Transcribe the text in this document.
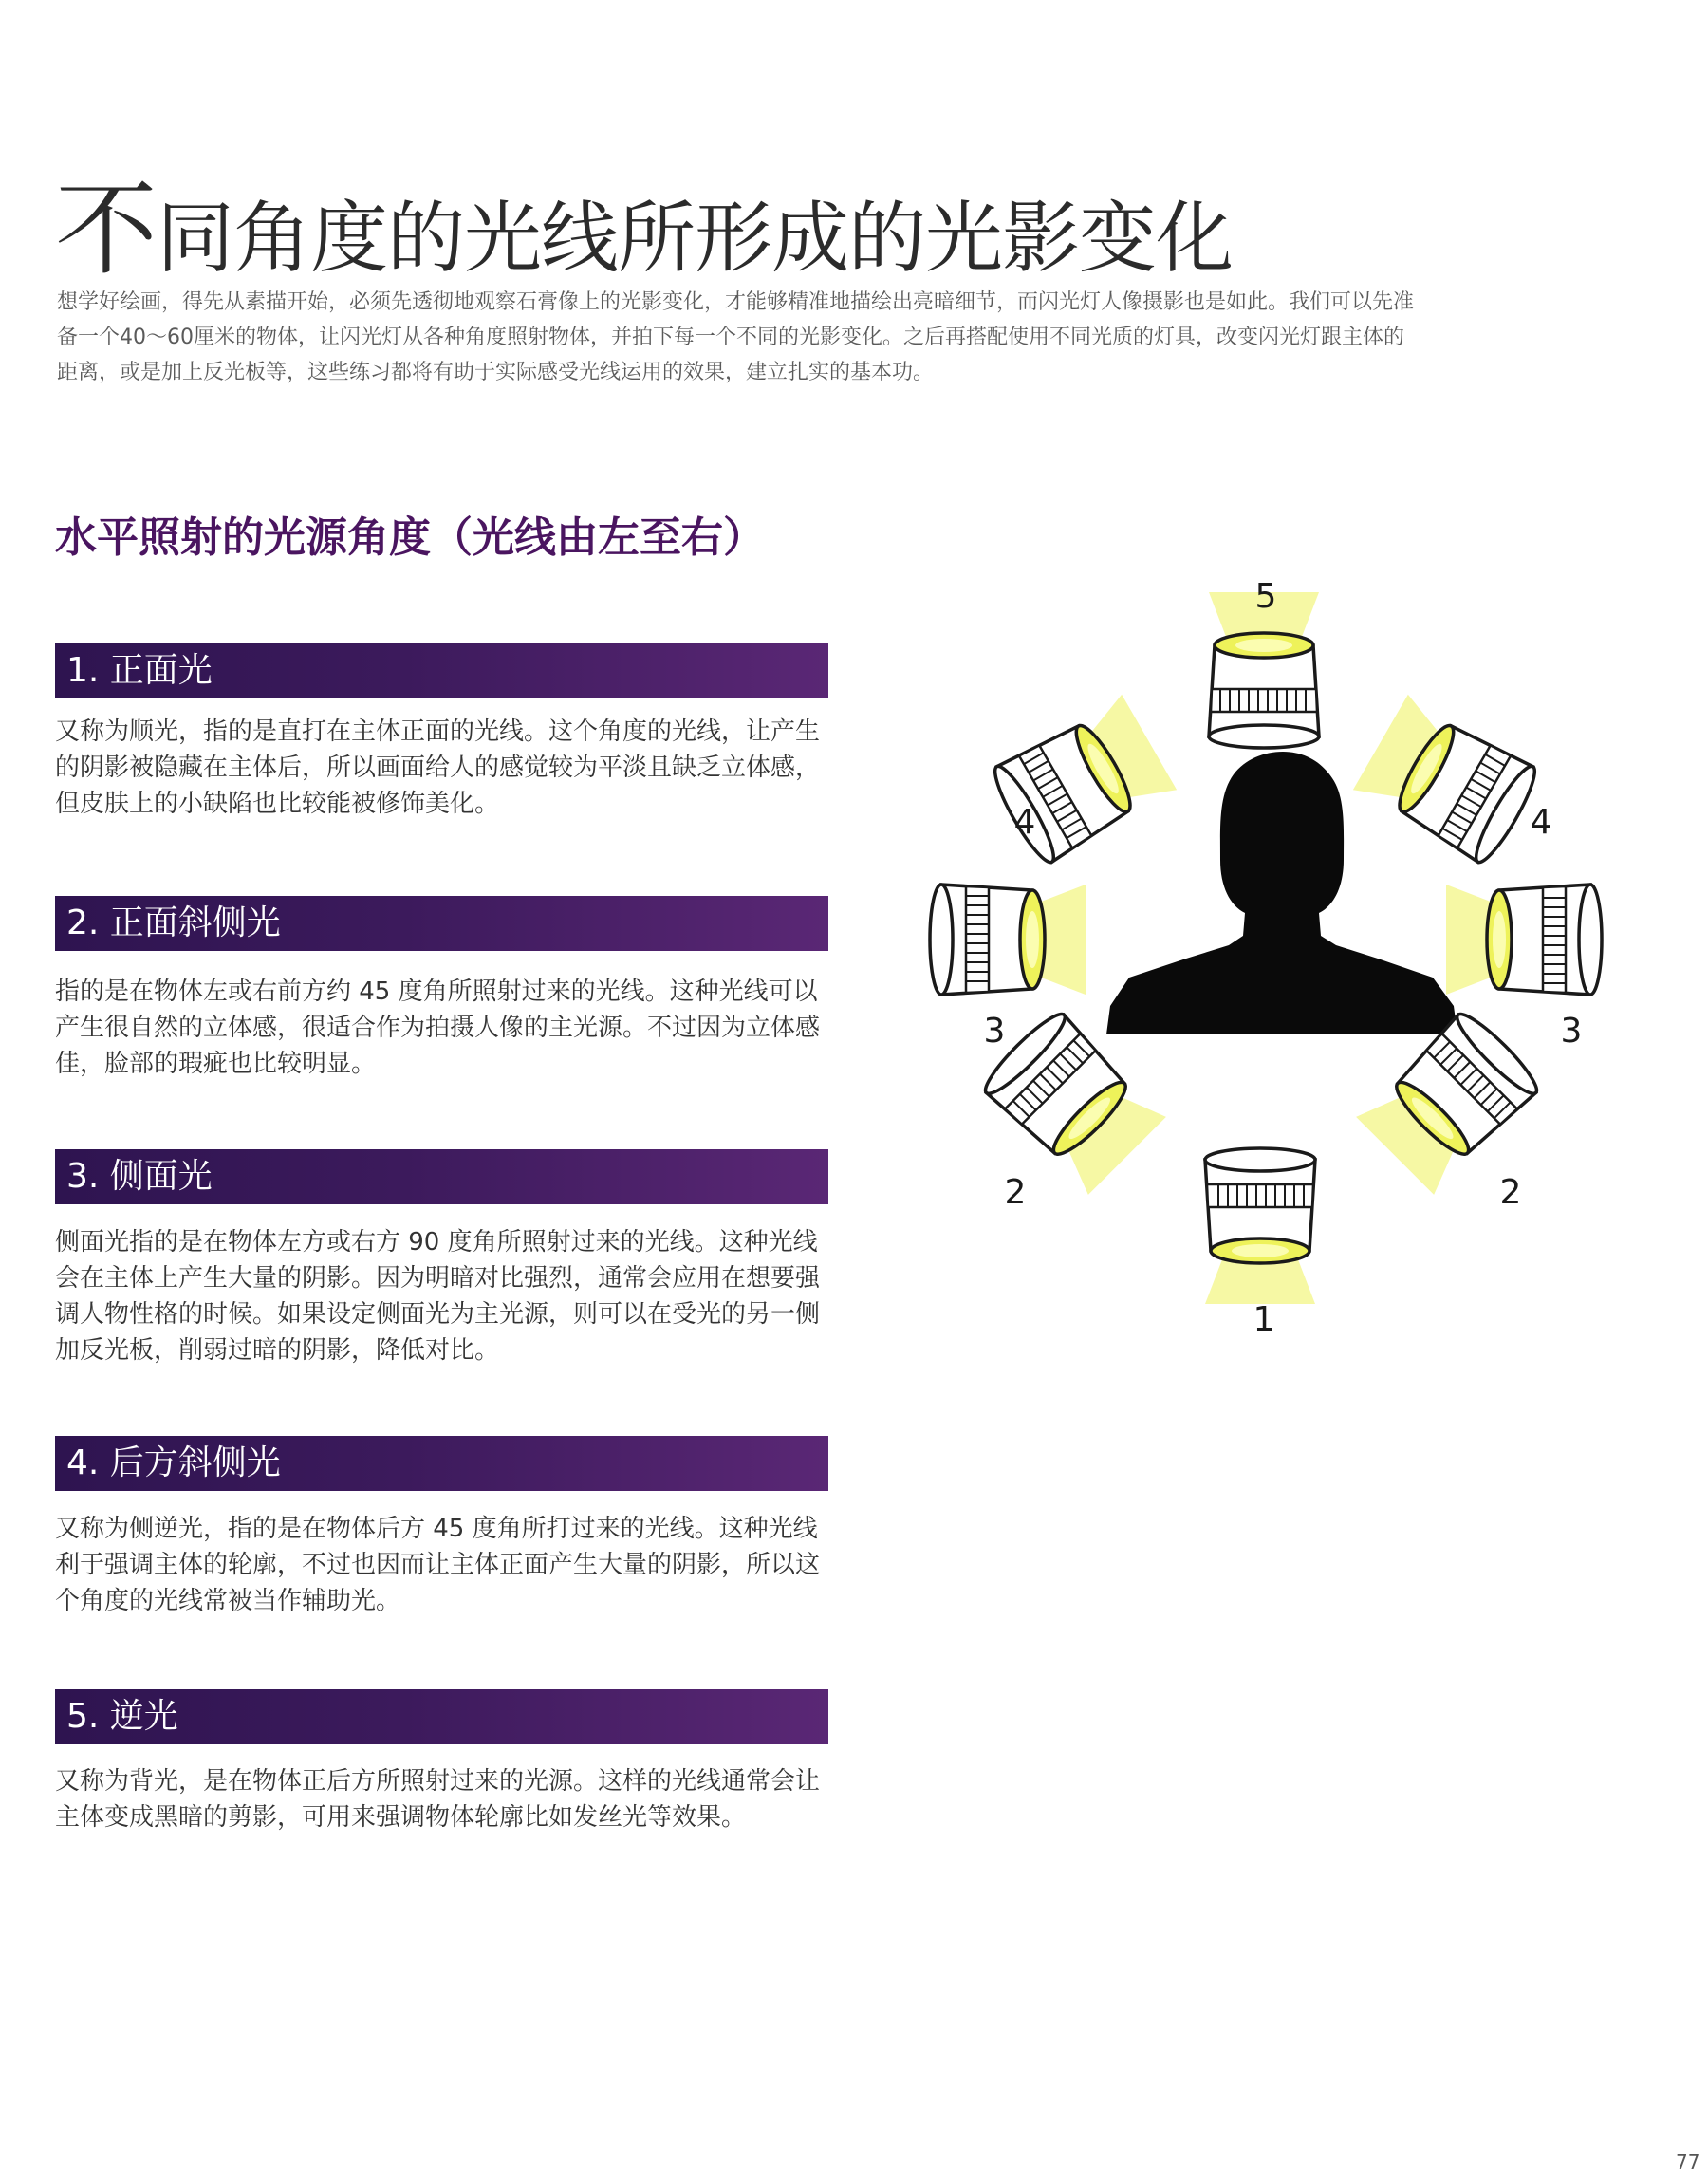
不同角度的光线所形成的光影变化

想学好绘画，得先从素描开始，必须先透彻地观察石膏像上的光影变化，才能够精准地描绘出亮暗细节，而闪光灯人像摄影也是如此。我们可以先准备一个40～60厘米的物体，让闪光灯从各种角度照射物体，并拍下每一个不同的光影变化。之后再搭配使用不同光质的灯具，改变闪光灯跟主体的距离，或是加上反光板等，这些练习都将有助于实际感受光线运用的效果，建立扎实的基本功。

水平照射的光源角度（光线由左至右）
1. 正面光

又称为顺光，指的是直打在主体正面的光线。这个角度的光线，让产生的阴影被隐藏在主体后，所以画面给人的感觉较为平淡且缺乏立体感，但皮肤上的小缺陷也比较能被修饰美化。

2. 正面斜侧光

指的是在物体左或右前方约 45 度角所照射过来的光线。这种光线可以产生很自然的立体感，很适合作为拍摄人像的主光源。不过因为立体感佳，脸部的瑕疵也比较明显。

3. 侧面光

侧面光指的是在物体左方或右方 90 度角所照射过来的光线。这种光线会在主体上产生大量的阴影。因为明暗对比强烈，通常会应用在想要强调人物性格的时候。如果设定侧面光为主光源，则可以在受光的另一侧加反光板，削弱过暗的阴影，降低对比。

4. 后方斜侧光

又称为侧逆光，指的是在物体后方 45 度角所打过来的光线。这种光线利于强调主体的轮廓，不过也因而让主体正面产生大量的阴影，所以这个角度的光线常被当作辅助光。

5. 逆光

又称为背光，是在物体正后方所照射过来的光源。这样的光线通常会让主体变成黑暗的剪影，可用来强调物体轮廓比如发丝光等效果。

5
4	4
3	3
2	2
1
77
